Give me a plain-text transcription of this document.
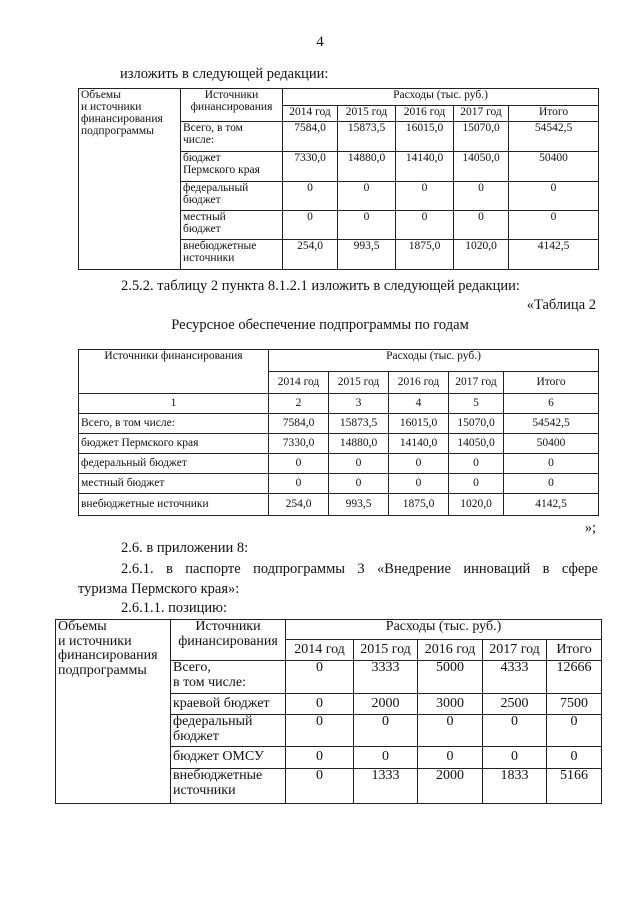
4
изложить в следующей редакции:
Объемы
и источники
финансирования
подпрограммы	Источники
финансирования	Расходы (тыс. руб.)				
		2014 год	2015 год	2016 год	2017 год	Итого
	Всего, в том
числе:	7584,0	15873,5	16015,0	15070,0	54542,5
	бюджет
Пермского края	7330,0	14880,0	14140,0	14050,0	50400
	федеральный
бюджет	0	0	0	0	0
	местный
бюджет	0	0	0	0	0
	внебюджетные
источники	254,0	993,5	1875,0	1020,0	4142,5
2.5.2. таблицу 2 пункта 8.1.2.1 изложить в следующей редакции:
«Таблица 2
Ресурсное обеспечение подпрограммы по годам
Источники финансирования	Расходы (тыс. руб.)				
	2014 год	2015 год	2016 год	2017 год	Итого
1	2	3	4	5	6
Всего, в том числе:	7584,0	15873,5	16015,0	15070,0	54542,5
бюджет Пермского края	7330,0	14880,0	14140,0	14050,0	50400
федеральный бюджет	0	0	0	0	0
местный бюджет	0	0	0	0	0
внебюджетные источники	254,0	993,5	1875,0	1020,0	4142,5
»;
2.6. в приложении 8:
2.6.1. в паспорте подпрограммы 3 «Внедрение инноваций в сфере
туризма Пермского края»:
2.6.1.1. позицию:
Объемы
и источники
финансирования
подпрограммы	Источники
финансирования	Расходы (тыс. руб.)				
		2014 год	2015 год	2016 год	2017 год	Итого
	Всего,
в том числе:	0	3333	5000	4333	12666
	краевой бюджет	0	2000	3000	2500	7500
	федеральный
бюджет	0	0	0	0	0
	бюджет ОМСУ	0	0	0	0	0
	внебюджетные
источники	0	1333	2000	1833	5166
